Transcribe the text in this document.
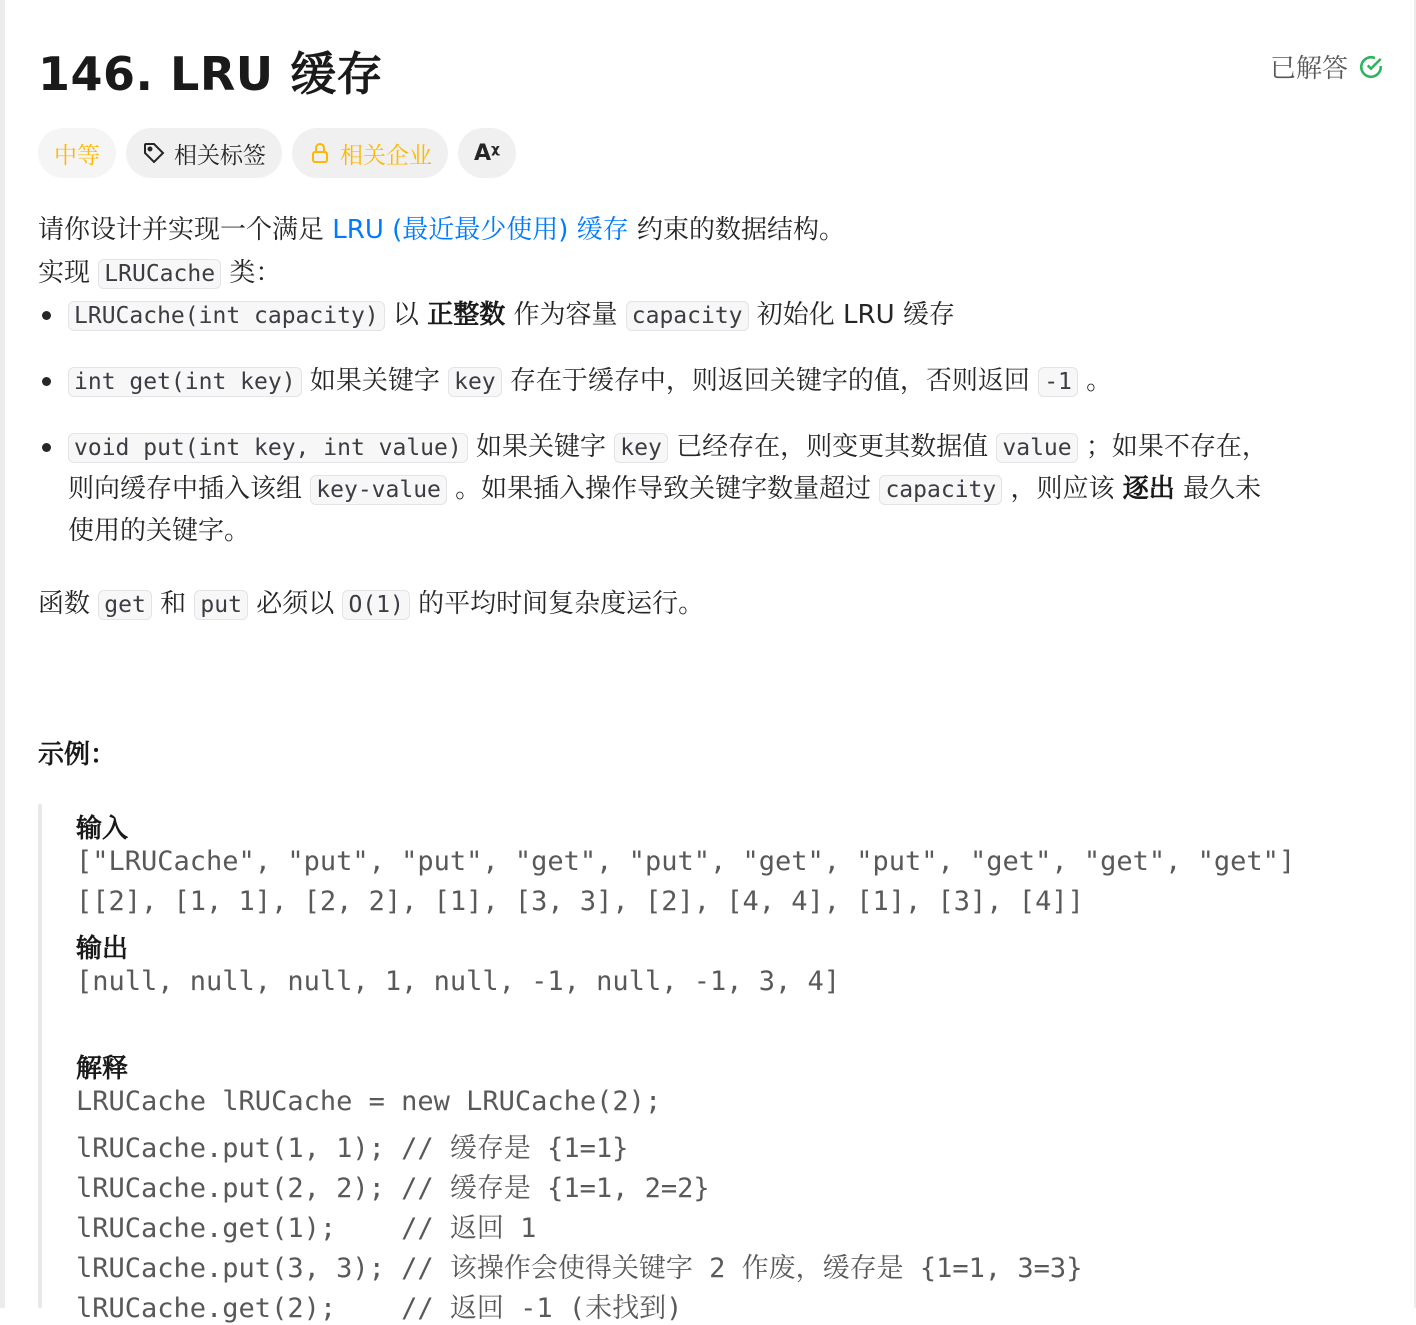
146. LRU 缓存	已解答
中等	相关标签	相关企业 Aᵡ
请你设计并实现一个满足 LRU (最近最少使用) 缓存 约束的数据结构。
实现 LRUCache 类：
LRUCache(int capacity) 以 正整数 作为容量 capacity 初始化 LRU 缓存
int get(int key) 如果关键字 key 存在于缓存中，则返回关键字的值，否则返回 -1 。
void put(int key, int value) 如果关键字 key 已经存在，则变更其数据值 value ；如果不存在，
则向缓存中插入该组 key-value 。如果插入操作导致关键字数量超过 capacity ，则应该 逐出 最久未
使用的关键字。
函数 get 和 put 必须以 O(1) 的平均时间复杂度运行。
示例：
输入
["LRUCache", "put", "put", "get", "put", "get", "put", "get", "get", "get"]
[[2], [1, 1], [2, 2], [1], [3, 3], [2], [4, 4], [1], [3], [4]]
输出
[null, null, null, 1, null, -1, null, -1, 3, 4]
解释
LRUCache lRUCache = new LRUCache(2);
lRUCache.put(1, 1); // 缓存是 {1=1}
lRUCache.put(2, 2); // 缓存是 {1=1, 2=2}
lRUCache.get(1);    // 返回 1
lRUCache.put(3, 3); // 该操作会使得关键字 2 作废，缓存是 {1=1, 3=3}
lRUCache.get(2);    // 返回 -1 (未找到)
